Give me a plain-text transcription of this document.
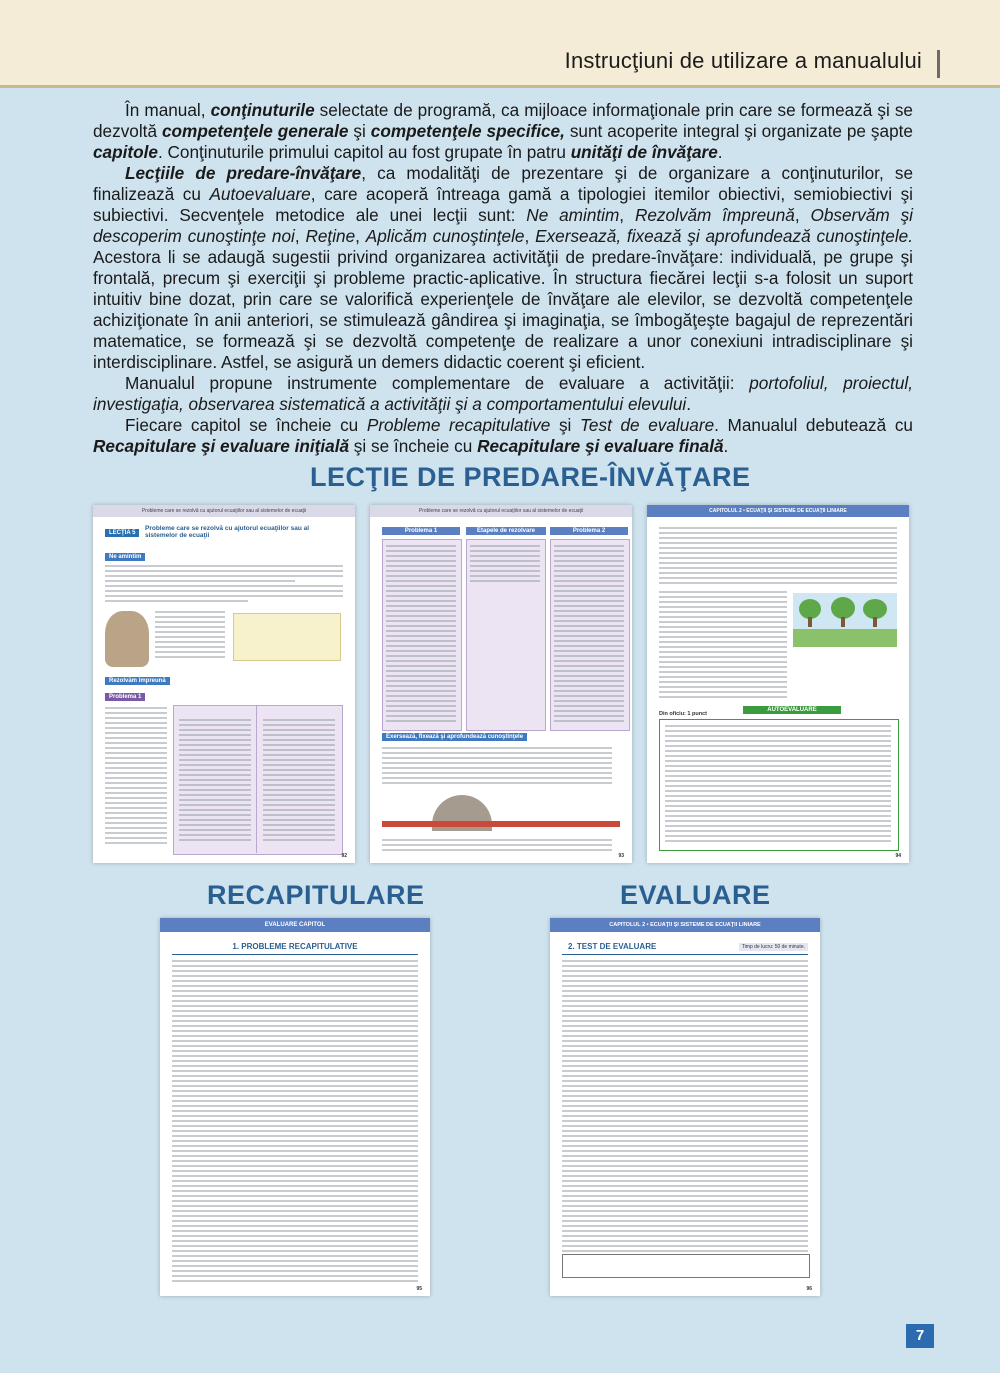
Instrucţiuni de utilizare a manualului

În manual, conţinuturile selectate de programă, ca mijloace informaţionale prin care se formează şi se dezvoltă competenţele generale şi competenţele specifice, sunt acoperite integral şi organizate pe şapte capitole. Conţinuturile primului capitol au fost grupate în patru unităţi de învăţare.

Lecţiile de predare-învăţare, ca modalităţi de prezentare şi de organizare a conţinuturilor, se finalizează cu Autoevaluare, care acoperă întreaga gamă a tipologiei itemilor obiectivi, semiobiectivi şi subiectivi. Secvenţele metodice ale unei lecţii sunt: Ne amintim, Rezolvăm împreună, Observăm şi descoperim cunoştinţe noi, Reţine, Aplicăm cunoştinţele, Exersează, fixează şi aprofundează cunoştinţele. Acestora li se adaugă sugestii privind organizarea activităţii de predare-învăţare: individuală, pe grupe şi frontală, precum şi exerciţii şi probleme practic-aplicative. În structura fiecărei lecţii s-a folosit un suport intuitiv bine dozat, prin care se valorifică experienţele de învăţare ale elevilor, se dezvoltă competenţele achiziţionate în anii anteriori, se stimulează gândirea şi imaginaţia, se îmbogăţeşte bagajul de reprezentări matematice, se formează şi se dezvoltă competenţe de realizare a unor conexiuni intradisciplinare şi interdisciplinare. Astfel, se asigură un demers didactic coerent şi eficient.

Manualul propune instrumente complementare de evaluare a activităţii: portofoliul, proiectul, investigaţia, observarea sistematică a activităţii şi a comportamentului elevului.

Fiecare capitol se încheie cu Probleme recapitulative şi Test de evaluare. Manualul debutează cu Recapitulare şi evaluare iniţială şi se încheie cu Recapitulare şi evaluare finală.

LECŢIE DE PREDARE-ÎNVĂŢARE
Probleme care se rezolvă cu ajutorul ecuaţiilor sau al sistemelor de ecuaţii
LECŢIA 5
Probleme care se rezolvă cu ajutorul ecuaţiilor sau al sistemelor de ecuaţii
Ne amintim
Rezolvăm împreună
Problema 1
92
Probleme care se rezolvă cu ajutorul ecuaţiilor sau al sistemelor de ecuaţii
Problema 1	Etapele de rezolvare	Problema 2
Exersează, fixează şi aprofundează cunoştinţele
93
CAPITOLUL 2 • ECUAŢII ŞI SISTEME DE ECUAŢII LINIARE
Din oficiu: 1 punct
AUTOEVALUARE
94
RECAPITULARE	EVALUARE
EVALUARE CAPITOL
1. PROBLEME RECAPITULATIVE
95
CAPITOLUL 2 • ECUAŢII ŞI SISTEME DE ECUAŢII LINIARE
2. TEST DE EVALUARE	Timp de lucru: 50 de minute.
96
7
